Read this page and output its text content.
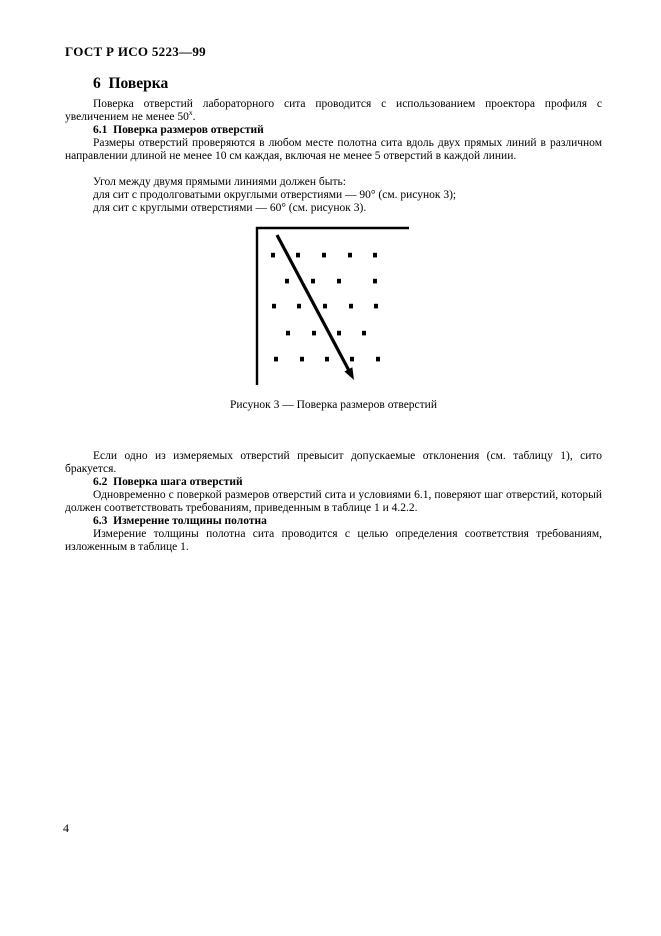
ГОСТ Р ИСО 5223—99
6  Поверка

Поверка отверстий лабораторного сита проводится с использованием проектора профиля с увеличением не менее $50^х$.

6.1  Поверка размеров отверстий

Размеры отверстий проверяются в любом месте полотна сита вдоль двух прямых линий в различном направлении длиной не менее 10 см каждая, включая не менее 5 отверстий в каждой линии.

Угол между двумя прямыми линиями должен быть:

для сит с продолговатыми округлыми отверстиями — 90° (см. рисунок 3);

для сит с круглыми отверстиями — 60° (см. рисунок 3).

Рисунок 3 — Поверка размеров отверстий

Если одно из измеряемых отверстий превысит допускаемые отклонения (см. таблицу 1), сито бракуется.

6.2  Поверка шага отверстий

Одновременно с поверкой размеров отверстий сита и условиями 6.1, поверяют шаг отверстий, который должен соответствовать требованиям, приведенным в таблице 1 и 4.2.2.

6.3  Измерение толщины полотна

Измерение толщины полотна сита проводится с целью определения соответствия требованиям, изложенным в таблице 1.

4
